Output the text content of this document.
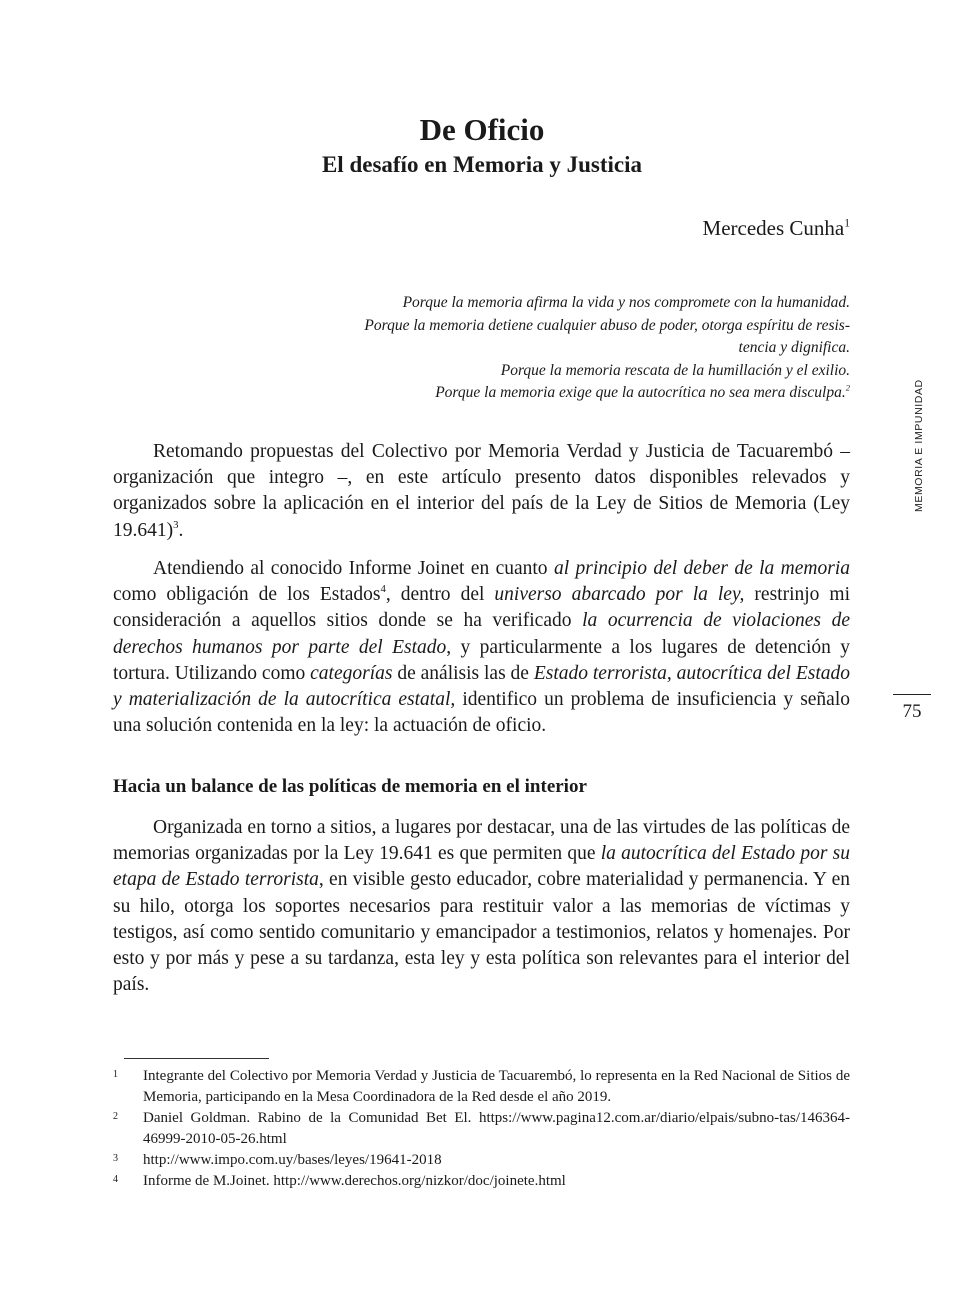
De Oficio
El desafío en Memoria y Justicia
Mercedes Cunha$^1$
Porque la memoria afirma la vida y nos compromete con la humanidad.
Porque la memoria detiene cualquier abuso de poder, otorga espíritu de resis-
tencia y dignifica.
Porque la memoria rescata de la humillación y el exilio.
Porque la memoria exige que la autocrítica no sea mera disculpa.$^2$

Retomando propuestas del Colectivo por Memoria Verdad y Justicia de Tacuarembó – organización que integro –, en este artículo presento datos disponibles relevados y organizados sobre la aplicación en el interior del país de la Ley de Sitios de Memoria (Ley 19.641)$^3$.

Atendiendo al conocido Informe Joinet en cuanto al principio del deber de la memoria como obligación de los Estados$^4$, dentro del universo abarcado por la ley, restrinjo mi consideración a aquellos sitios donde se ha verificado la ocurrencia de violaciones de derechos humanos por parte del Estado, y particularmente a los lugares de detención y tortura. Utilizando como categorías de análisis las de Estado terrorista, autocrítica del Estado y materialización de la autocrítica estatal, identifico un problema de insuficiencia y señalo una solución contenida en la ley: la actuación de oficio.

Hacia un balance de las políticas de memoria en el interior

Organizada en torno a sitios, a lugares por destacar, una de las virtudes de las políticas de memorias organizadas por la Ley 19.641 es que permiten que la autocrítica del Estado por su etapa de Estado terrorista, en visible gesto educador, cobre materialidad y permanencia. Y en su hilo, otorga los soportes necesarios para restituir valor a las memorias de víctimas y testigos, así como sentido comunitario y emancipador a testimonios, relatos y homenajes. Por esto y por más y pese a su tardanza, esta ley y esta política son relevantes para el interior del país.

MEMORIA E IMPUNIDAD
75
1 Integrante del Colectivo por Memoria Verdad y Justicia de Tacuarembó, lo representa en la Red Nacional de Sitios de Memoria, participando en la Mesa Coordinadora de la Red desde el año 2019.
2 Daniel Goldman. Rabino de la Comunidad Bet El. https://www.pagina12.com.ar/diario/elpais/subno-tas/146364-46999-2010-05-26.html
3 http://www.impo.com.uy/bases/leyes/19641-2018
4 Informe de M.Joinet. http://www.derechos.org/nizkor/doc/joinete.html
